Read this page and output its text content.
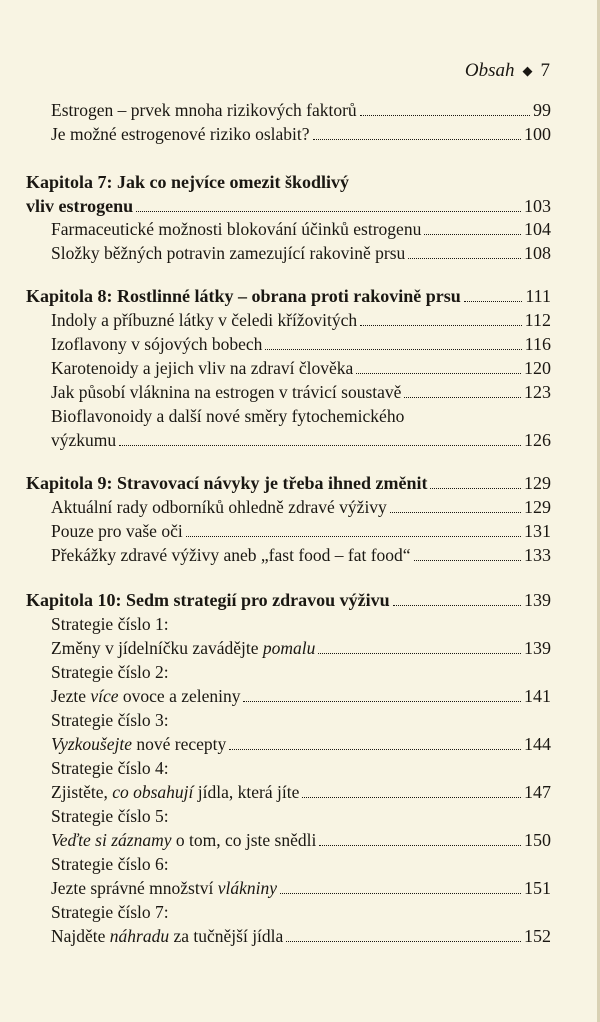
Obsah ◆ 7
Estrogen – prvek mnoha rizikových faktorů	99
Je možné estrogenové riziko oslabit?	100
Kapitola 7: Jak co nejvíce omezit škodlivý
vliv estrogenu	103
Farmaceutické možnosti blokování účinků estrogenu	104
Složky běžných potravin zamezující rakovině prsu	108
Kapitola 8: Rostlinné látky – obrana proti rakovině prsu	111
Indoly a příbuzné látky v čeledi křížovitých	112
Izoflavony v sójových bobech	116
Karotenoidy a jejich vliv na zdraví člověka	120
Jak působí vláknina na estrogen v trávicí soustavě	123
Bioflavonoidy a další nové směry fytochemického
výzkumu	126
Kapitola 9: Stravovací návyky je třeba ihned změnit	129
Aktuální rady odborníků ohledně zdravé výživy	129
Pouze pro vaše oči	131
Překážky zdravé výživy aneb „fast food – fat food“	133
Kapitola 10: Sedm strategií pro zdravou výživu	139
Strategie číslo 1:
Změny v jídelníčku zavádějte pomalu	139
Strategie číslo 2:
Jezte více ovoce a zeleniny	141
Strategie číslo 3:
Vyzkoušejte nové recepty	144
Strategie číslo 4:
Zjistěte, co obsahují jídla, která jíte	147
Strategie číslo 5:
Veďte si záznamy o tom, co jste snědli	150
Strategie číslo 6:
Jezte správné množství vlákniny	151
Strategie číslo 7:
Najděte náhradu za tučnější jídla	152
